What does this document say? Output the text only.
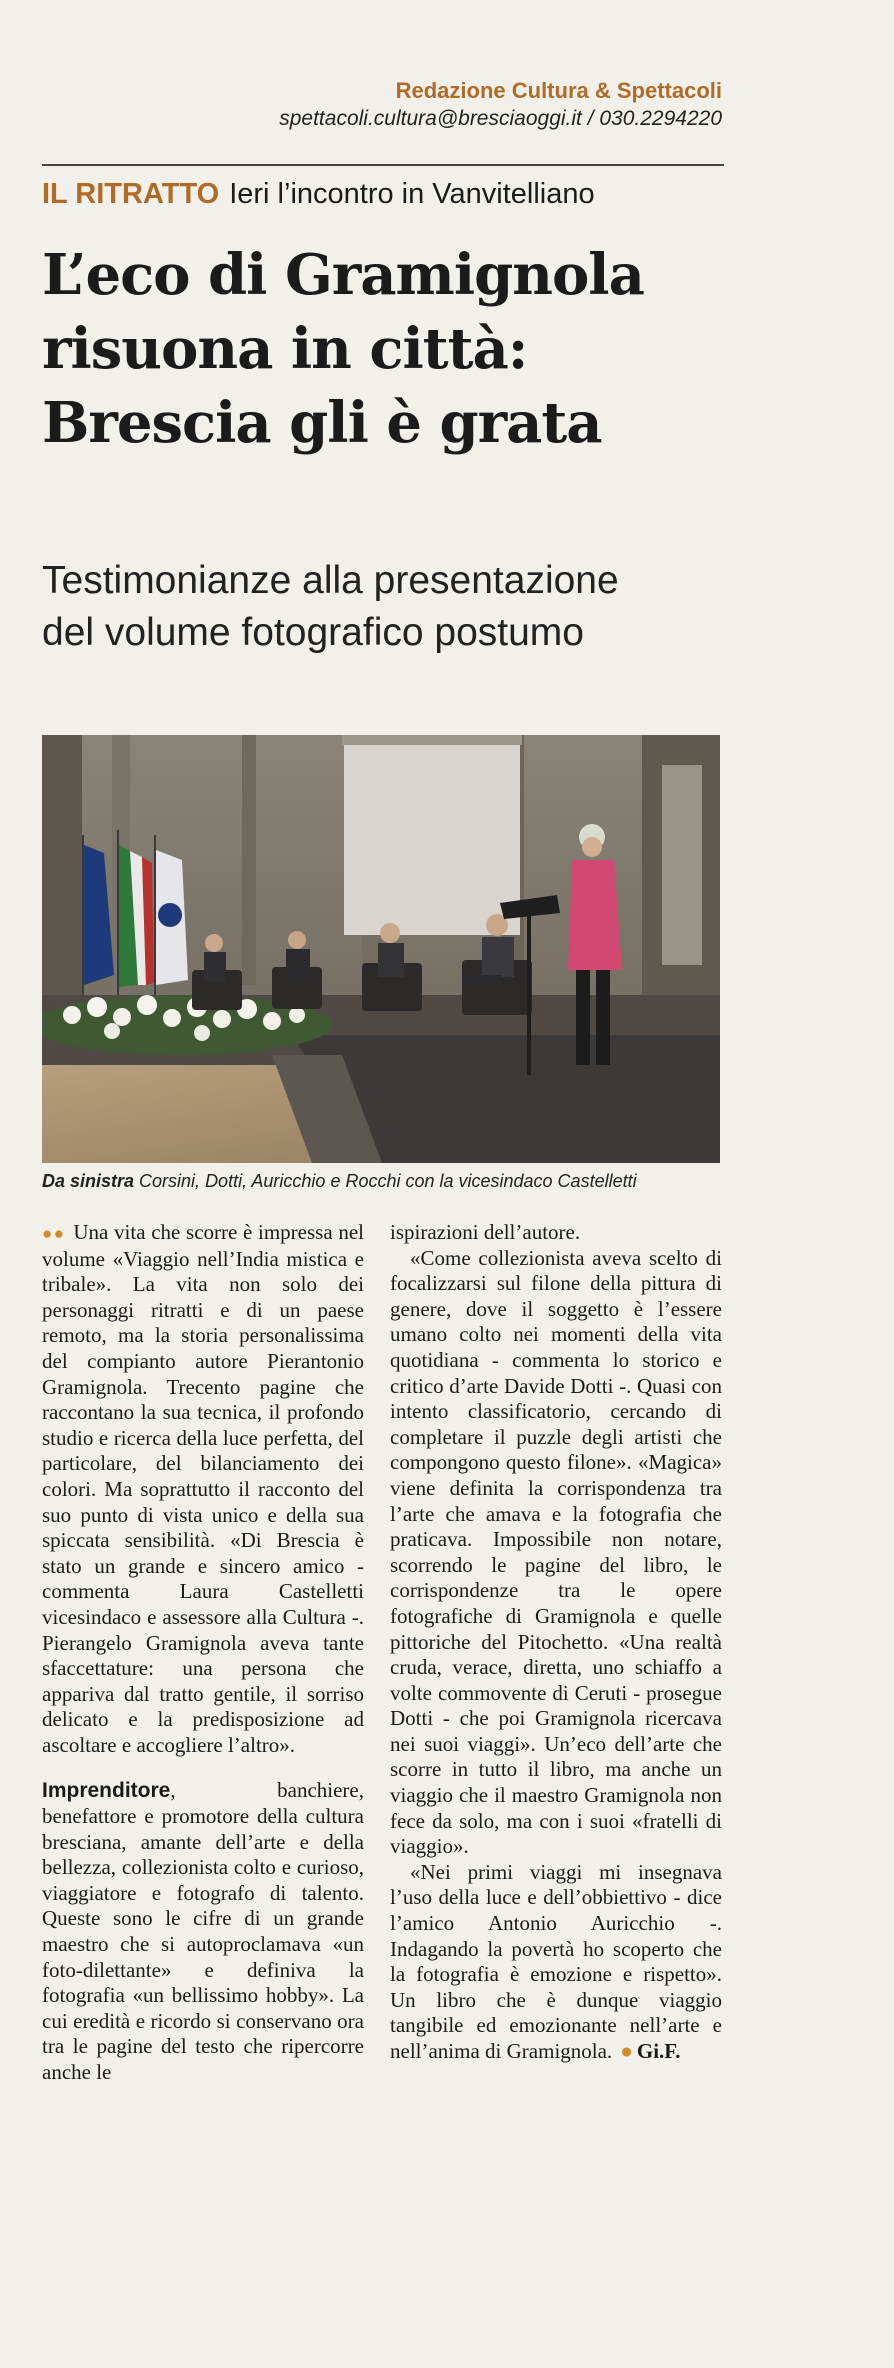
Redazione Cultura & Spettacoli
spettacoli.cultura@bresciaoggi.it / 030.2294220
IL RITRATTO Ieri l’incontro in Vanvitelliano
L’eco di Gramignola
risuona in città:
Brescia gli è grata
Testimonianze alla presentazione
del volume fotografico postumo
Da sinistra Corsini, Dotti, Auricchio e Rocchi con la vicesindaco Castelletti

●● Una vita che scorre è impressa nel volume «Viaggio nell’India mistica e tribale». La vita non solo dei personaggi ritratti e di un paese remoto, ma la storia personalissima del compianto autore Pierantonio Gramignola. Trecento pagine che raccontano la sua tecnica, il profondo studio e ricerca della luce perfetta, del particolare, del bilanciamento dei colori. Ma soprattutto il racconto del suo punto di vista unico e della sua spiccata sensibilità. «Di Brescia è stato un grande e sincero amico - commenta Laura Castelletti vicesindaco e assessore alla Cultura -. Pierangelo Gramignola aveva tante sfaccettature: una persona che appariva dal tratto gentile, il sorriso delicato e la predisposizione ad ascoltare e accogliere l’altro».

Imprenditore, banchiere, benefattore e promotore della cultura bresciana, amante dell’arte e della bellezza, collezionista colto e curioso, viaggiatore e fotografo di talento. Queste sono le cifre di un grande maestro che si autoproclamava «un foto-dilettante» e definiva la fotografia «un bellissimo hobby». La cui eredità e ricordo si conservano ora tra le pagine del testo che ripercorre anche le

ispirazioni dell’autore.

«Come collezionista aveva scelto di focalizzarsi sul filone della pittura di genere, dove il soggetto è l’essere umano colto nei momenti della vita quotidiana - commenta lo storico e critico d’arte Davide Dotti -. Quasi con intento classificatorio, cercando di completare il puzzle degli artisti che compongono questo filone». «Magica» viene definita la corrispondenza tra l’arte che amava e la fotografia che praticava. Impossibile non notare, scorrendo le pagine del libro, le corrispondenze tra le opere fotografiche di Gramignola e quelle pittoriche del Pitochetto. «Una realtà cruda, verace, diretta, uno schiaffo a volte commovente di Ceruti - prosegue Dotti - che poi Gramignola ricercava nei suoi viaggi». Un’eco dell’arte che scorre in tutto il libro, ma anche un viaggio che il maestro Gramignola non fece da solo, ma con i suoi «fratelli di viaggio».

«Nei primi viaggi mi insegnava l’uso della luce e dell’obbiettivo - dice l’amico Antonio Auricchio -. Indagando la povertà ho scoperto che la fotografia è emozione e rispetto». Un libro che è dunque viaggio tangibile ed emozionante nell’arte e nell’anima di Gramignola. ● Gi.F.
